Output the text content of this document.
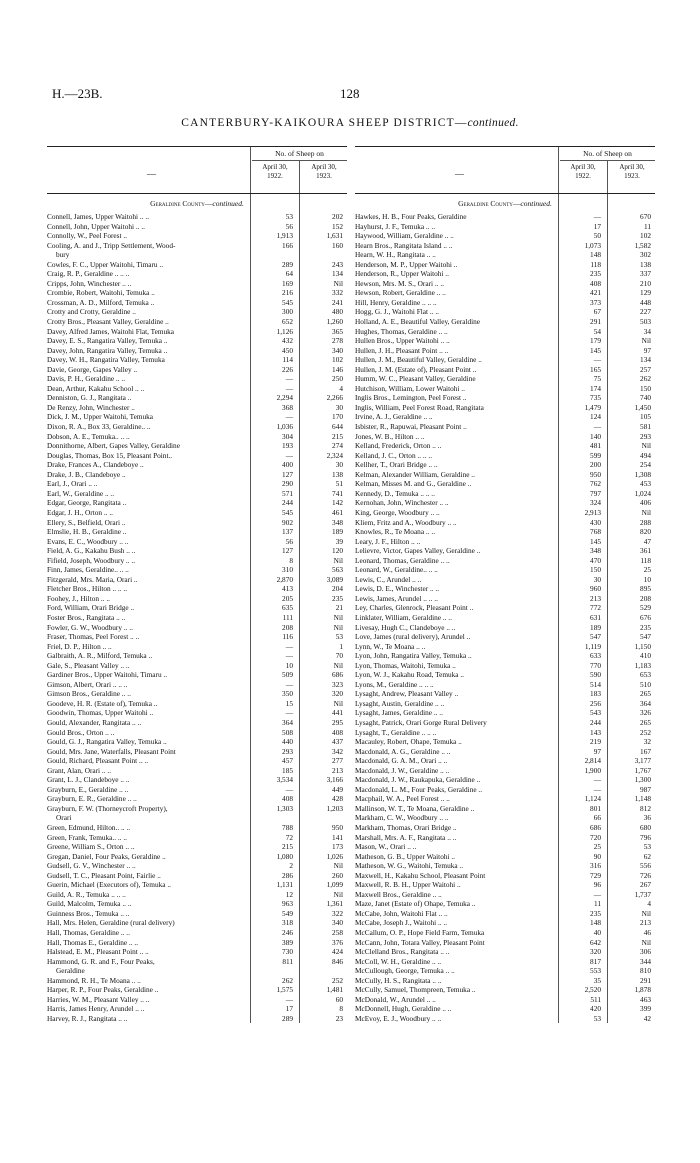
H.—23B.	128
CANTERBURY-KAIKOURA SHEEP DISTRICT—continued.
—
No. of Sheep on
April 30,
1922.
April 30,
1923.
Geraldine County—continued.
Connell, James, Upper Waitohi .. ..	53	202
Connell, John, Upper Waitohi .. ..	56	152
Connolly, W., Peel Forest ..	1,913	1,631
Cooling, A. and J., Tripp Settlement, Wood-	166	160
bury
Cowles, F. C., Upper Waitohi, Timaru ..	289	243
Craig, R. P., Geraldine .. .. ..	64	134
Cripps, John, Winchester .. ..	169	Nil
Crombie, Robert, Waitohi, Temuka ..	216	332
Crossman, A. D., Milford, Temuka ..	545	241
Crotty and Crotty, Geraldine ..	300	480
Crotty Bros., Pleasant Valley, Geraldine ..	652	1,260
Davey, Alfred James, Waitohi Flat, Temuka	1,126	365
Davey, E. S., Rangatira Valley, Temuka ..	432	278
Davey, John, Rangatira Valley, Temuka ..	450	340
Davey, W. H., Rangatira Valley, Temuka	114	102
Davie, George, Gapes Valley ..	226	146
Davis, P. H., Geraldine .. ..	—	250
Dean, Arthur, Kakahu School .. ..	—	4
Denniston, G. J., Rangitata ..	2,294	2,266
De Renzy, John, Winchester ..	368	30
Dick, J. M., Upper Waitohi, Temuka	—	170
Dixon, R. A., Box 33, Geraldine.. ..	1,036	644
Dobson, A. E., Temuka.. .. ..	304	215
Donnithorne, Albert, Gapes Valley, Geraldine	193	274
Douglas, Thomas, Box 15, Pleasant Point..	—	2,324
Drake, Frances A., Clandeboye ..	400	30
Drake, J. B., Clandeboye ..	127	138
Earl, J., Orari .. ..	290	51
Earl, W., Geraldine .. ..	571	741
Edgar, George, Rangitata ..	244	142
Edgar, J. H., Orton .. ..	545	461
Ellery, S., Belfield, Orari ..	902	348
Elmslie, H. B., Geraldine ..	137	189
Evans, E. C., Woodbury .. ..	56	39
Field, A. G., Kakahu Bush .. ..	127	120
Fifield, Joseph, Woodbury .. ..	8	Nil
Finn, James, Geraldine.. .. ..	310	563
Fitzgerald, Mrs. Maria, Orari ..	2,870	3,089
Fletcher Bros., Hilton .. .. ..	413	204
Foohey, J., Hilton .. ..	205	235
Ford, William, Orari Bridge ..	635	21
Foster Bros., Rangitata .. ..	111	Nil
Fowler, G. W., Woodbury .. ..	208	Nil
Fraser, Thomas, Peel Forest .. ..	116	53
Friel, D. P., Hilton .. ..	—	1
Galbraith, A. R., Milford, Temuka ..	—	70
Gale, S., Pleasant Valley .. ..	10	Nil
Gardiner Bros., Upper Waitohi, Timaru ..	509	686
Gimson, Albert, Orari .. .. ..	—	323
Gimson Bros., Geraldine .. ..	350	320
Goodeve, H. R. (Estate of), Temuka ..	15	Nil
Goodwin, Thomas, Upper Waitohi ..	—	441
Gould, Alexander, Rangitata .. ..	364	295
Gould Bros., Orton .. ..	508	408
Gould, G. J., Rangatira Valley, Temuka ..	440	437
Gould, Mrs. Jane, Waterfalls, Pleasant Point	293	342
Gould, Richard, Pleasant Point .. ..	457	277
Grant, Alan, Orari .. ..	185	213
Grant, L. J., Clandeboye .. ..	3,534	3,166
Grayburn, E., Geraldine .. ..	—	449
Grayburn, E. R., Geraldine .. ..	408	428
Grayburn, F. W. (Thorneycroft Property),	1,303	1,203
Orari
Green, Edmund, Hilton.. .. ..	788	950
Green, Frank, Temuka.. .. ..	72	141
Greene, William S., Orton .. ..	215	173
Gregan, Daniel, Four Peaks, Geraldine ..	1,080	1,026
Gudsell, G. V., Winchester .. ..	2	Nil
Gudsell, T. C., Pleasant Point, Fairlie ..	286	260
Guerin, Michael (Executors of), Temuka ..	1,131	1,099
Guild, A. R., Temuka .. .. ..	12	Nil
Guild, Malcolm, Temuka .. ..	963	1,361
Guinness Bros., Temuka .. ..	549	322
Hall, Mrs. Helen, Geraldine (rural delivery)	318	340
Hall, Thomas, Geraldine .. ..	246	258
Hall, Thomas E., Geraldine .. ..	389	376
Halstead, E. M., Pleasant Point .. ..	730	424
Hammond, G. R. and F., Four Peaks,	811	846
Geraldine
Hammond, R. H., Te Moana .. ..	262	252
Harper, R. P., Four Peaks, Geraldine ..	1,575	1,481
Harries, W. M., Pleasant Valley .. ..	—	60
Harris, James Henry, Arundel .. ..	17	8
Harvey, R. J., Rangitata .. ..	289	23
—
No. of Sheep on
April 30,
1922.
April 30,
1923.
Geraldine County—continued.
Hawkes, H. B., Four Peaks, Geraldine	—	670
Hayhurst, J. F., Temuka .. ..	17	11
Haywood, William, Geraldine .. ..	50	102
Hearn Bros., Rangitata Island .. ..	1,073	1,582
Hearn, W. H., Rangitata .. ..	148	302
Henderson, M. P., Upper Waitohi ..	118	138
Henderson, R., Upper Waitohi ..	235	337
Hewson, Mrs. M. S., Orari .. ..	408	210
Hewson, Robert, Geraldine .. ..	421	129
Hill, Henry, Geraldine .. .. ..	373	448
Hogg, G. J., Waitohi Flat .. ..	67	227
Holland, A. E., Beautiful Valley, Geraldine	291	503
Hughes, Thomas, Geraldine .. ..	54	34
Hullen Bros., Upper Waitohi .. ..	179	Nil
Hullen, J. H., Pleasant Point .. ..	145	97
Hullen, J. M., Beautiful Valley, Geraldine ..	—	134
Hullen, J. M. (Estate of), Pleasant Point ..	165	257
Humm, W. C., Pleasant Valley, Geraldine	75	262
Hutchison, William, Lower Waitohi ..	174	150
Inglis Bros., Lemington, Peel Forest ..	735	740
Inglis, William, Peel Forest Road, Rangitata	1,479	1,450
Irvine, A. J., Geraldine .. ..	124	105
Isbister, R., Rapuwai, Pleasant Point ..	—	581
Jones, W. B., Hilton .. ..	140	293
Kelland, Frederick, Orton .. ..	481	Nil
Kelland, J. C., Orton .. .. ..	599	494
Kellher, T., Orari Bridge .. ..	200	254
Kelman, Alexander William, Geraldine ..	950	1,308
Kelman, Misses M. and G., Geraldine ..	762	453
Kennedy, D., Temuka .. .. ..	797	1,024
Kernohan, John, Winchester .. ..	324	406
King, George, Woodbury .. ..	2,913	Nil
Kliem, Fritz and A., Woodbury .. ..	430	288
Knowles, R., Te Moana .. ..	768	820
Leary, J. F., Hilton .. ..	145	47
Lelievre, Victor, Gapes Valley, Geraldine ..	348	361
Leonard, Thomas, Geraldine .. ..	470	118
Leonard, W., Geraldine.. .. ..	150	25
Lewis, C., Arundel .. ..	30	10
Lewis, D. E., Winchester .. ..	960	895
Lewis, James, Arundel .. .. ..	213	208
Ley, Charles, Glenrock, Pleasant Point ..	772	529
Linklater, William, Geraldine .. ..	631	676
Livesay, Hugh C., Clandeboye .. ..	189	235
Love, James (rural delivery), Arundel ..	547	547
Lynn, W., Te Moana .. ..	1,119	1,150
Lyon, John, Rangatira Valley, Temuka ..	633	410
Lyon, Thomas, Waitohi, Temuka ..	770	1,183
Lyon, W. J., Kakahu Road, Temuka ..	590	653
Lyons, M., Geraldine .. .. ..	514	510
Lysaght, Andrew, Pleasant Valley ..	183	265
Lysaght, Austin, Geraldine .. ..	256	364
Lysaght, James, Geraldine .. ..	543	326
Lysaght, Patrick, Orari Gorge Rural Delivery	244	265
Lysaght, T., Geraldine .. .. ..	143	252
Macauley, Robert, Ohape, Temuka ..	219	32
Macdonald, A. G., Geraldine .. ..	97	167
Macdonald, G. A. M., Orari .. ..	2,814	3,177
Macdonald, J. W., Geraldine .. ..	1,900	1,767
Macdonald, J. W., Raukapuka, Geraldine ..	—	1,300
Macdonald, L. M., Four Peaks, Geraldine ..	—	987
Macphail, W. A., Peel Forest .. ..	1,124	1,148
Mallinson, W. T., Te Moana, Geraldine ..	801	812
Markham, C. W., Woodbury .. ..	66	36
Markham, Thomas, Orari Bridge ..	686	680
Marshall, Mrs. A. F., Rangitata .. ..	720	796
Mason, W., Orari .. ..	25	53
Matheson, G. B., Upper Waitohi ..	90	62
Matheson, W. G., Waitohi, Temuka ..	316	556
Maxwell, H., Kakahu School, Pleasant Point	729	726
Maxwell, R. B. H., Upper Waitohi ..	96	267
Maxwell Bros., Geraldine .. ..	—	1,737
Maze, Janet (Estate of) Ohape, Temuka ..	11	4
McCabe, John, Waitohi Flat .. ..	235	Nil
McCabe, Joseph J., Waitohi .. ..	148	213
McCallum, O. P., Hope Field Farm, Temuka	40	46
McCann, John, Totara Valley, Pleasant Point	642	Nil
McClelland Bros., Rangitata .. ..	320	306
McColl, W. H., Geraldine .. ..	817	344
McCullough, George, Temuka .. ..	553	810
McCully, H. S., Rangitata .. ..	35	291
McCully, Samuel, Thompreen, Temuka ..	2,520	1,878
McDonald, W., Arundel .. ..	511	463
McDonnell, Hugh, Geraldine .. ..	420	399
McEvoy, E. J., Woodbury .. ..	53	42
